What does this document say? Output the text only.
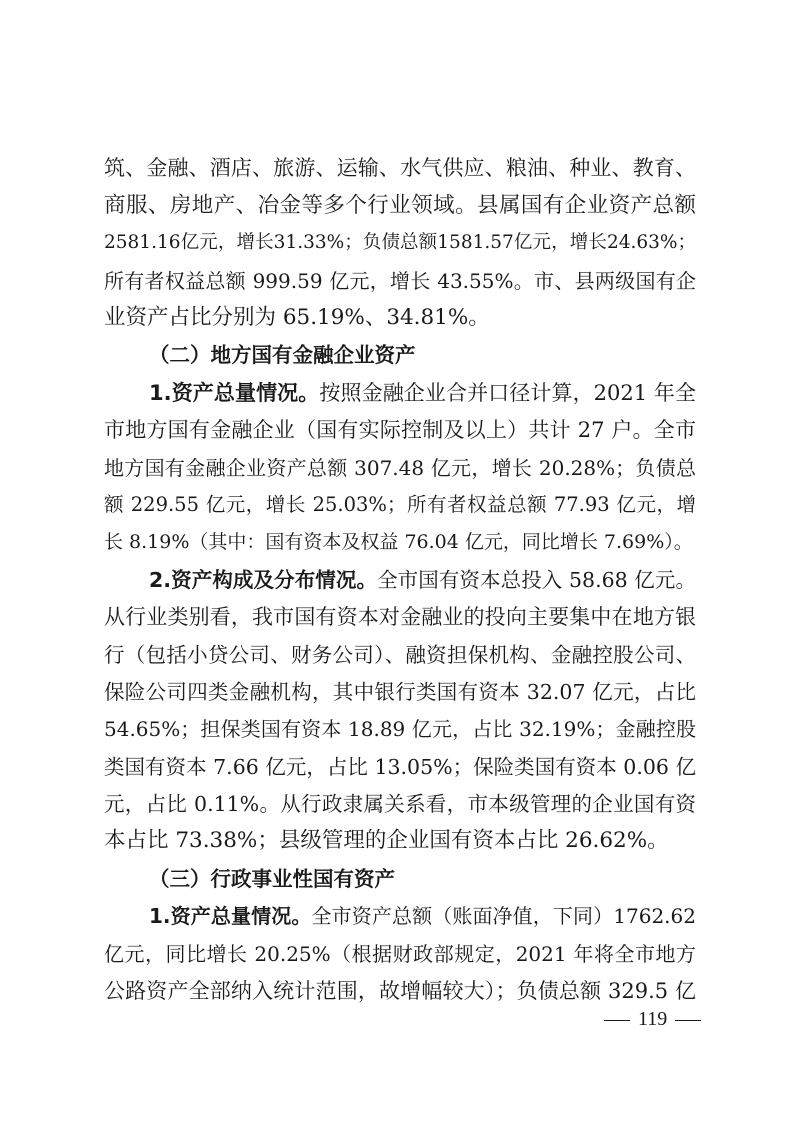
筑、金融、酒店、旅游、运输、水气供应、粮油、种业、教育、
商服、房地产、冶金等多个行业领域。县属国有企业资产总额
2581.16亿元，增长31.33%；负债总额1581.57亿元，增长24.63%；
所有者权益总额 999.59 亿元，增长 43.55%。市、县两级国有企
业资产占比分别为 65.19%、34.81%。
（二）地方国有金融企业资产
1.资产总量情况。按照金融企业合并口径计算，2021 年全
市地方国有金融企业（国有实际控制及以上）共计 27 户。全市
地方国有金融企业资产总额 307.48 亿元，增长 20.28%；负债总
额 229.55 亿元，增长 25.03%；所有者权益总额 77.93 亿元，增
长 8.19%（其中：国有资本及权益 76.04 亿元，同比增长 7.69%）。
2.资产构成及分布情况。全市国有资本总投入 58.68 亿元。
从行业类别看，我市国有资本对金融业的投向主要集中在地方银
行（包括小贷公司、财务公司）、融资担保机构、金融控股公司、
保险公司四类金融机构，其中银行类国有资本 32.07 亿元，占比
54.65%；担保类国有资本 18.89 亿元，占比 32.19%；金融控股
类国有资本 7.66 亿元，占比 13.05%；保险类国有资本 0.06 亿
元，占比 0.11%。从行政隶属关系看，市本级管理的企业国有资
本占比 73.38%；县级管理的企业国有资本占比 26.62%。
（三）行政事业性国有资产
1.资产总量情况。全市资产总额（账面净值，下同）1762.62
亿元，同比增长 20.25%（根据财政部规定，2021 年将全市地方
公路资产全部纳入统计范围，故增幅较大）；负债总额 329.5 亿
119
